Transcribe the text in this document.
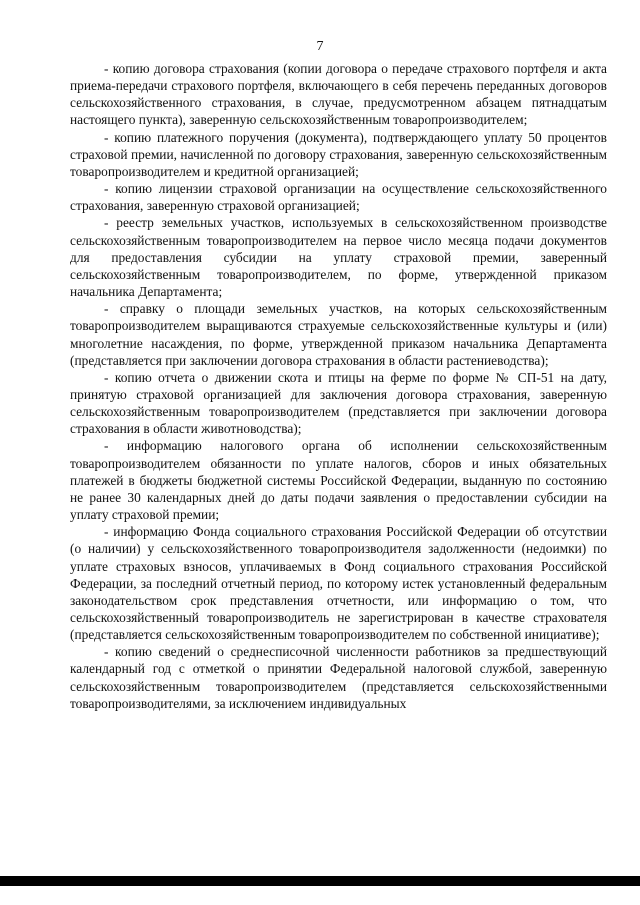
7

- копию договора страхования (копии договора о передаче страхового портфеля и акта приема-передачи страхового портфеля, включающего в себя перечень переданных договоров сельскохозяйственного страхования, в случае, предусмотренном абзацем пятнадцатым настоящего пункта), заверенную сельскохозяйственным товаропроизводителем;

- копию платежного поручения (документа), подтверждающего уплату 50 процентов страховой премии, начисленной по договору страхования, заверенную сельскохозяйственным товаропроизводителем и кредитной организацией;

- копию лицензии страховой организации на осуществление сельскохозяйственного страхования, заверенную страховой организацией;

- реестр земельных участков, используемых в сельскохозяйственном производстве сельскохозяйственным товаропроизводителем на первое число месяца подачи документов для предоставления субсидии на уплату страховой премии, заверенный сельскохозяйственным товаропроизводителем, по форме, утвержденной приказом начальника Департамента;

- справку о площади земельных участков, на которых сельскохозяйственным товаропроизводителем выращиваются страхуемые сельскохозяйственные культуры и (или) многолетние насаждения, по форме, утвержденной приказом начальника Департамента (представляется при заключении договора страхования в области растениеводства);

- копию отчета о движении скота и птицы на ферме по форме № СП-51 на дату, принятую страховой организацией для заключения договора страхования, заверенную сельскохозяйственным товаропроизводителем (представляется при заключении договора страхования в области животноводства);

- информацию налогового органа об исполнении сельскохозяйственным товаропроизводителем обязанности по уплате налогов, сборов и иных обязательных платежей в бюджеты бюджетной системы Российской Федерации, выданную по состоянию не ранее 30 календарных дней до даты подачи заявления о предоставлении субсидии на уплату страховой премии;

- информацию Фонда социального страхования Российской Федерации об отсутствии (о наличии) у сельскохозяйственного товаропроизводителя задолженности (недоимки) по уплате страховых взносов, уплачиваемых в Фонд социального страхования Российской Федерации, за последний отчетный период, по которому истек установленный федеральным законодательством срок представления отчетности, или информацию о том, что сельскохозяйственный товаропроизводитель не зарегистрирован в качестве страхователя (представляется сельскохозяйственным товаропроизводителем по собственной инициативе);

- копию сведений о среднесписочной численности работников за предшествующий календарный год с отметкой о принятии Федеральной налоговой службой, заверенную сельскохозяйственным товаропроизводителем (представляется сельскохозяйственными товаропроизводителями, за исключением индивидуальных
